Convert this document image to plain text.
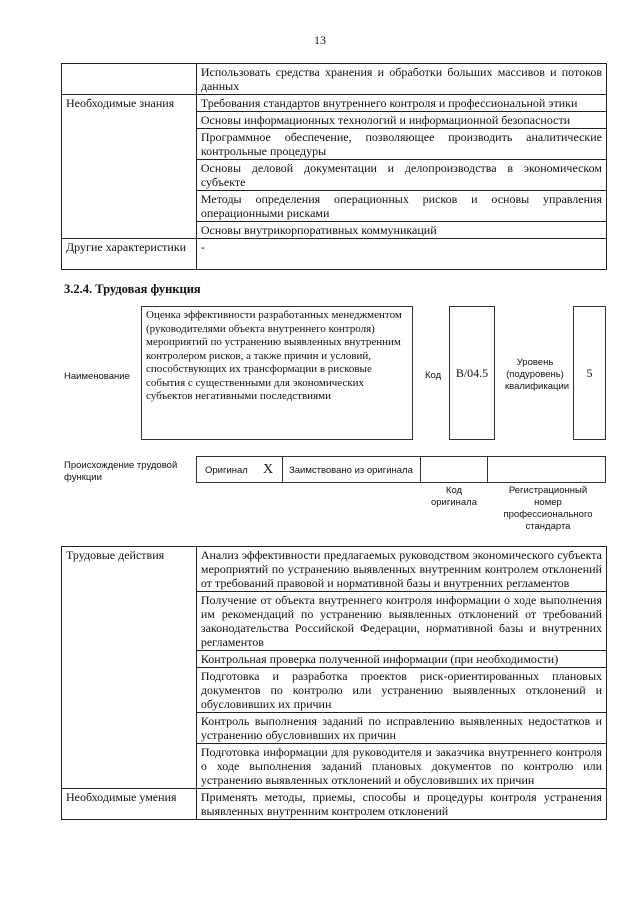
13
	Использовать средства хранения и обработки больших массивов и потоков данных
Необходимые знания	Требования стандартов внутреннего контроля и профессиональной этики
	Основы информационных технологий и информационной безопасности
	Программное обеспечение, позволяющее производить аналитические контрольные процедуры
	Основы деловой документации и делопроизводства в экономическом субъекте
	Методы определения операционных рисков и основы управления операционными рисками
	Основы внутрикорпоративных коммуникаций
Другие характеристики	-
3.2.4. Трудовая функция
Наименование
Оценка эффективности разработанных менеджментом (руководителями объекта внутреннего контроля) мероприятий по устранению выявленных внутренним контролером рисков, а также причин и условий, способствующих их трансформации в рисковые события с существенными для экономических субъектов негативными последствиями
Код	B/04.5
Уровень (подуровень) квалификации
5
Происхождение трудовой функции
Оригинал X Заимствовано из оригинала
Код оригинала
Регистрационный номер профессионального стандарта
Трудовые действия	Анализ эффективности предлагаемых руководством экономического субъекта мероприятий по устранению выявленных внутренним контролем отклонений от требований правовой и нормативной базы и внутренних регламентов
	Получение от объекта внутреннего контроля информации о ходе выполнения им рекомендаций по устранению выявленных отклонений от требований законодательства Российской Федерации, нормативной базы и внутренних регламентов
	Контрольная проверка полученной информации (при необходимости)
	Подготовка и разработка проектов риск-ориентированных плановых документов по контролю или устранению выявленных отклонений и обусловивших их причин
	Контроль выполнения заданий по исправлению выявленных недостатков и устранению обусловивших их причин
	Подготовка информации для руководителя и заказчика внутреннего контроля о ходе выполнения заданий плановых документов по контролю или устранению выявленных отклонений и обусловивших их причин
Необходимые умения	Применять методы, приемы, способы и процедуры контроля устранения выявленных внутренним контролем отклонений
